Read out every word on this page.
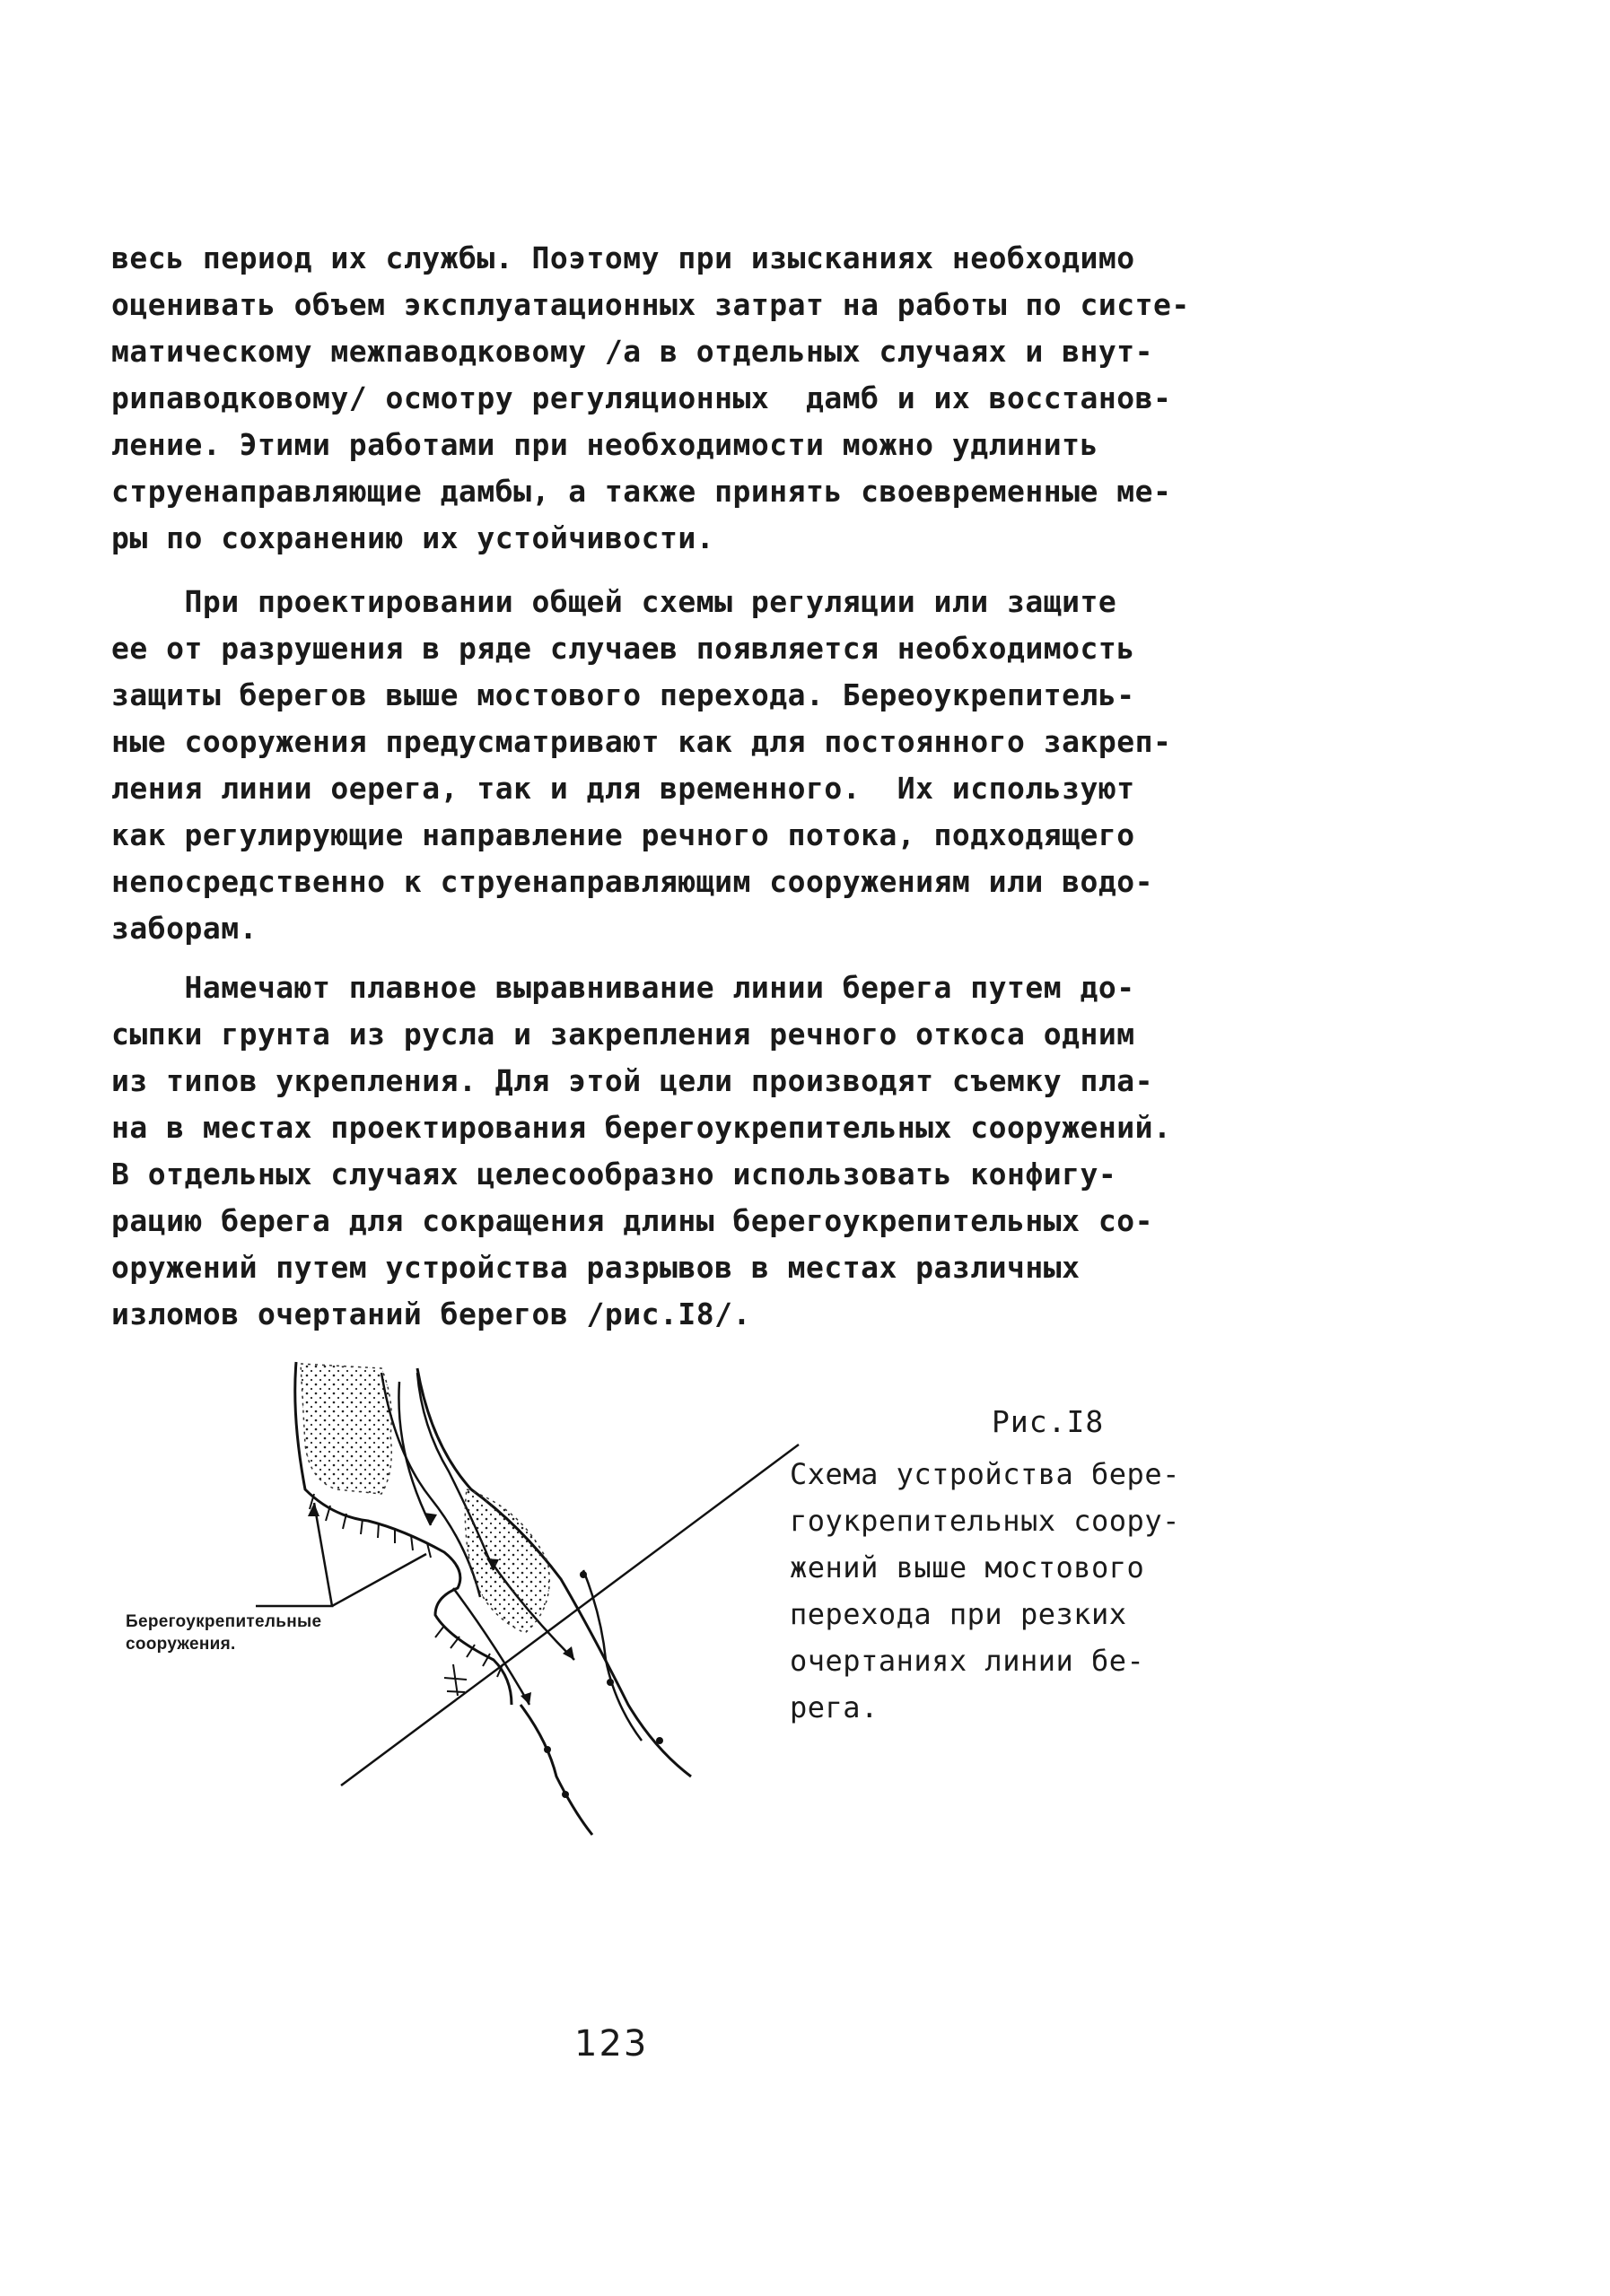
весь период их службы. Поэтому при изысканиях необходимо
оценивать объем эксплуатационных затрат на работы по систе-
матическому межпаводковому /а в отдельных случаях и внут-
рипаводковому/ осмотру регуляционных  дамб и их восстанов-
ление. Этими работами при необходимости можно удлинить
струенаправляющие дамбы, а также принять своевременные ме-
ры по сохранению их устойчивости.
При проектировании общей схемы регуляции или защите
ее от разрушения в ряде случаев появляется необходимость
защиты берегов выше мостового перехода. Береоукрепитель-
ные сооружения предусматривают как для постоянного закреп-
ления линии оерега, так и для временного.  Их используют
как регулирующие направление речного потока, подходящего
непосредственно к струенаправляющим сооружениям или водо-
заборам.
Намечают плавное выравнивание линии берега путем до-
сыпки грунта из русла и закрепления речного откоса одним
из типов укрепления. Для этой цели производят съемку пла-
на в местах проектирования берегоукрепительных сооружений.
В отдельных случаях целесообразно использовать конфигу-
рацию берега для сокращения длины берегоукрепительных со-
оружений путем устройства разрывов в местах различных
изломов очертаний берегов /рис.I8/.
Берегоукрепительные
сооружения.
Рис.I8
Схема устройства бере-
гоукрепительных соору-
жений выше мостового
перехода при резких
очертаниях линии бе-
рега.
123
